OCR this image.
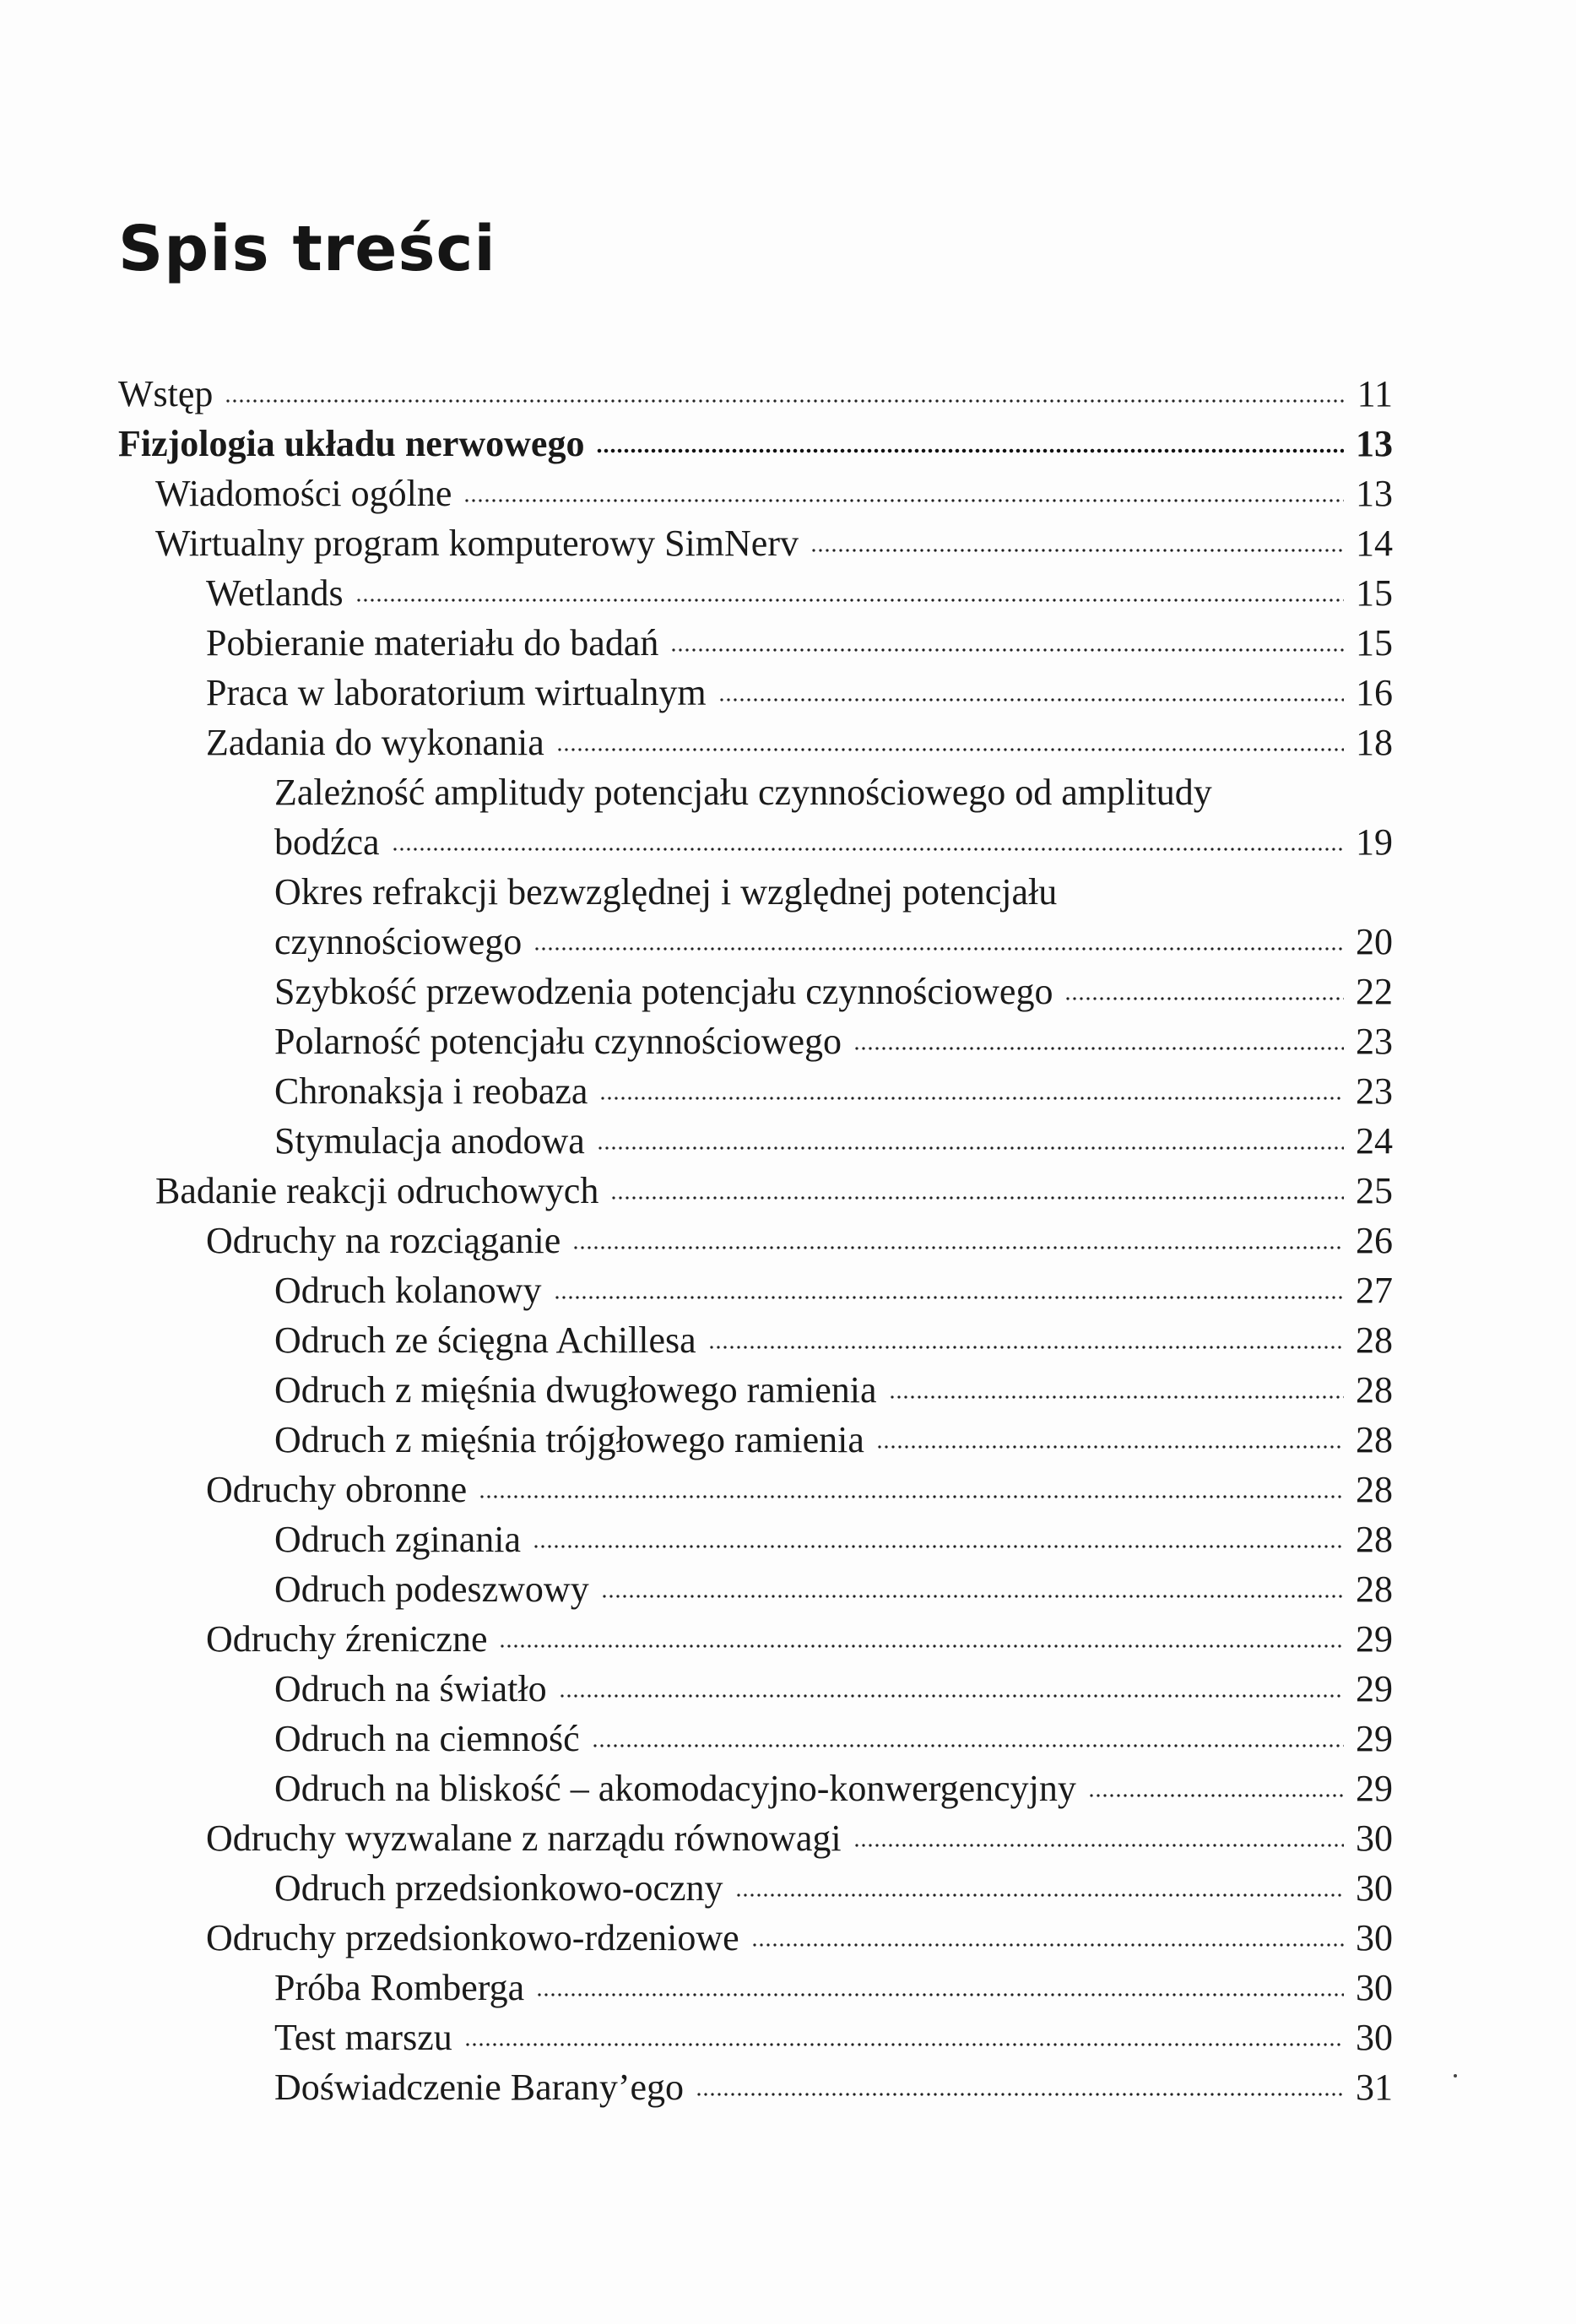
Spis treści
Wstęp	11
Fizjologia układu nerwowego	13
Wiadomości ogólne	13
Wirtualny program komputerowy SimNerv	14
Wetlands	15
Pobieranie materiału do badań	15
Praca w laboratorium wirtualnym	16
Zadania do wykonania	18
Zależność amplitudy potencjału czynnościowego od amplitudy
bodźca	19
Okres refrakcji bezwzględnej i względnej potencjału
czynnościowego	20
Szybkość przewodzenia potencjału czynnościowego	22
Polarność potencjału czynnościowego	23
Chronaksja i reobaza	23
Stymulacja anodowa	24
Badanie reakcji odruchowych	25
Odruchy na rozciąganie	26
Odruch kolanowy	27
Odruch ze ścięgna Achillesa	28
Odruch z mięśnia dwugłowego ramienia	28
Odruch z mięśnia trójgłowego ramienia	28
Odruchy obronne	28
Odruch zginania	28
Odruch podeszwowy	28
Odruchy źreniczne	29
Odruch na światło	29
Odruch na ciemność	29
Odruch na bliskość – akomodacyjno-konwergencyjny	29
Odruchy wyzwalane z narządu równowagi	30
Odruch przedsionkowo-oczny	30
Odruchy przedsionkowo-rdzeniowe	30
Próba Romberga	30
Test marszu	30
Doświadczenie Barany’ego	31
